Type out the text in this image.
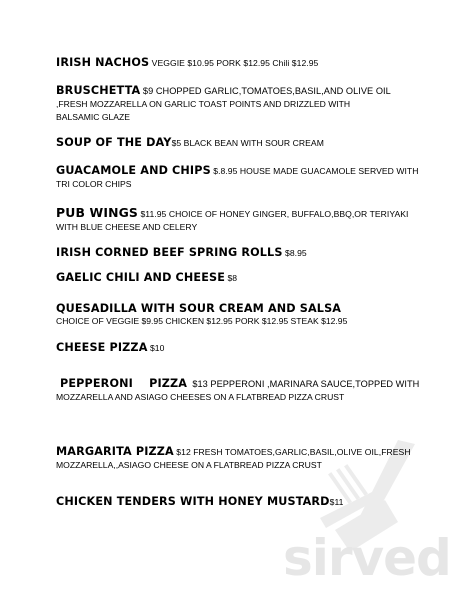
sirved
IRISH NACHOS VEGGIE $10.95 PORK $12.95 Chili $12.95
BRUSCHETTA $9 CHOPPED GARLIC,TOMATOES,BASIL,AND OLIVE OIL
,FRESH MOZZARELLA ON GARLIC TOAST POINTS AND DRIZZLED WITH
BALSAMIC GLAZE
SOUP OF THE DAY$5 BLACK BEAN WITH SOUR CREAM
GUACAMOLE AND CHIPS $.8.95 HOUSE MADE GUACAMOLE SERVED WITH
TRI COLOR CHIPS
PUB WINGS $11.95 CHOICE OF HONEY GINGER, BUFFALO,BBQ,OR TERIYAKI
WITH BLUE CHEESE AND CELERY
IRISH CORNED BEEF SPRING ROLLS $8.95
GAELIC CHILI AND CHEESE $8
QUESADILLA WITH SOUR CREAM AND SALSA
CHOICE OF VEGGIE $9.95 CHICKEN $12.95 PORK $12.95 STEAK $12.95
CHEESE PIZZA $10
PEPPERONI    PIZZA  $13 PEPPERONI ,MARINARA SAUCE,TOPPED WITH
MOZZARELLA AND ASIAGO CHEESES ON A FLATBREAD PIZZA CRUST
MARGARITA PIZZA $12 FRESH TOMATOES,GARLIC,BASIL,OLIVE OIL,FRESH
MOZZARELLA,,ASIAGO CHEESE ON A FLATBREAD PIZZA CRUST
CHICKEN TENDERS WITH HONEY MUSTARD$11
